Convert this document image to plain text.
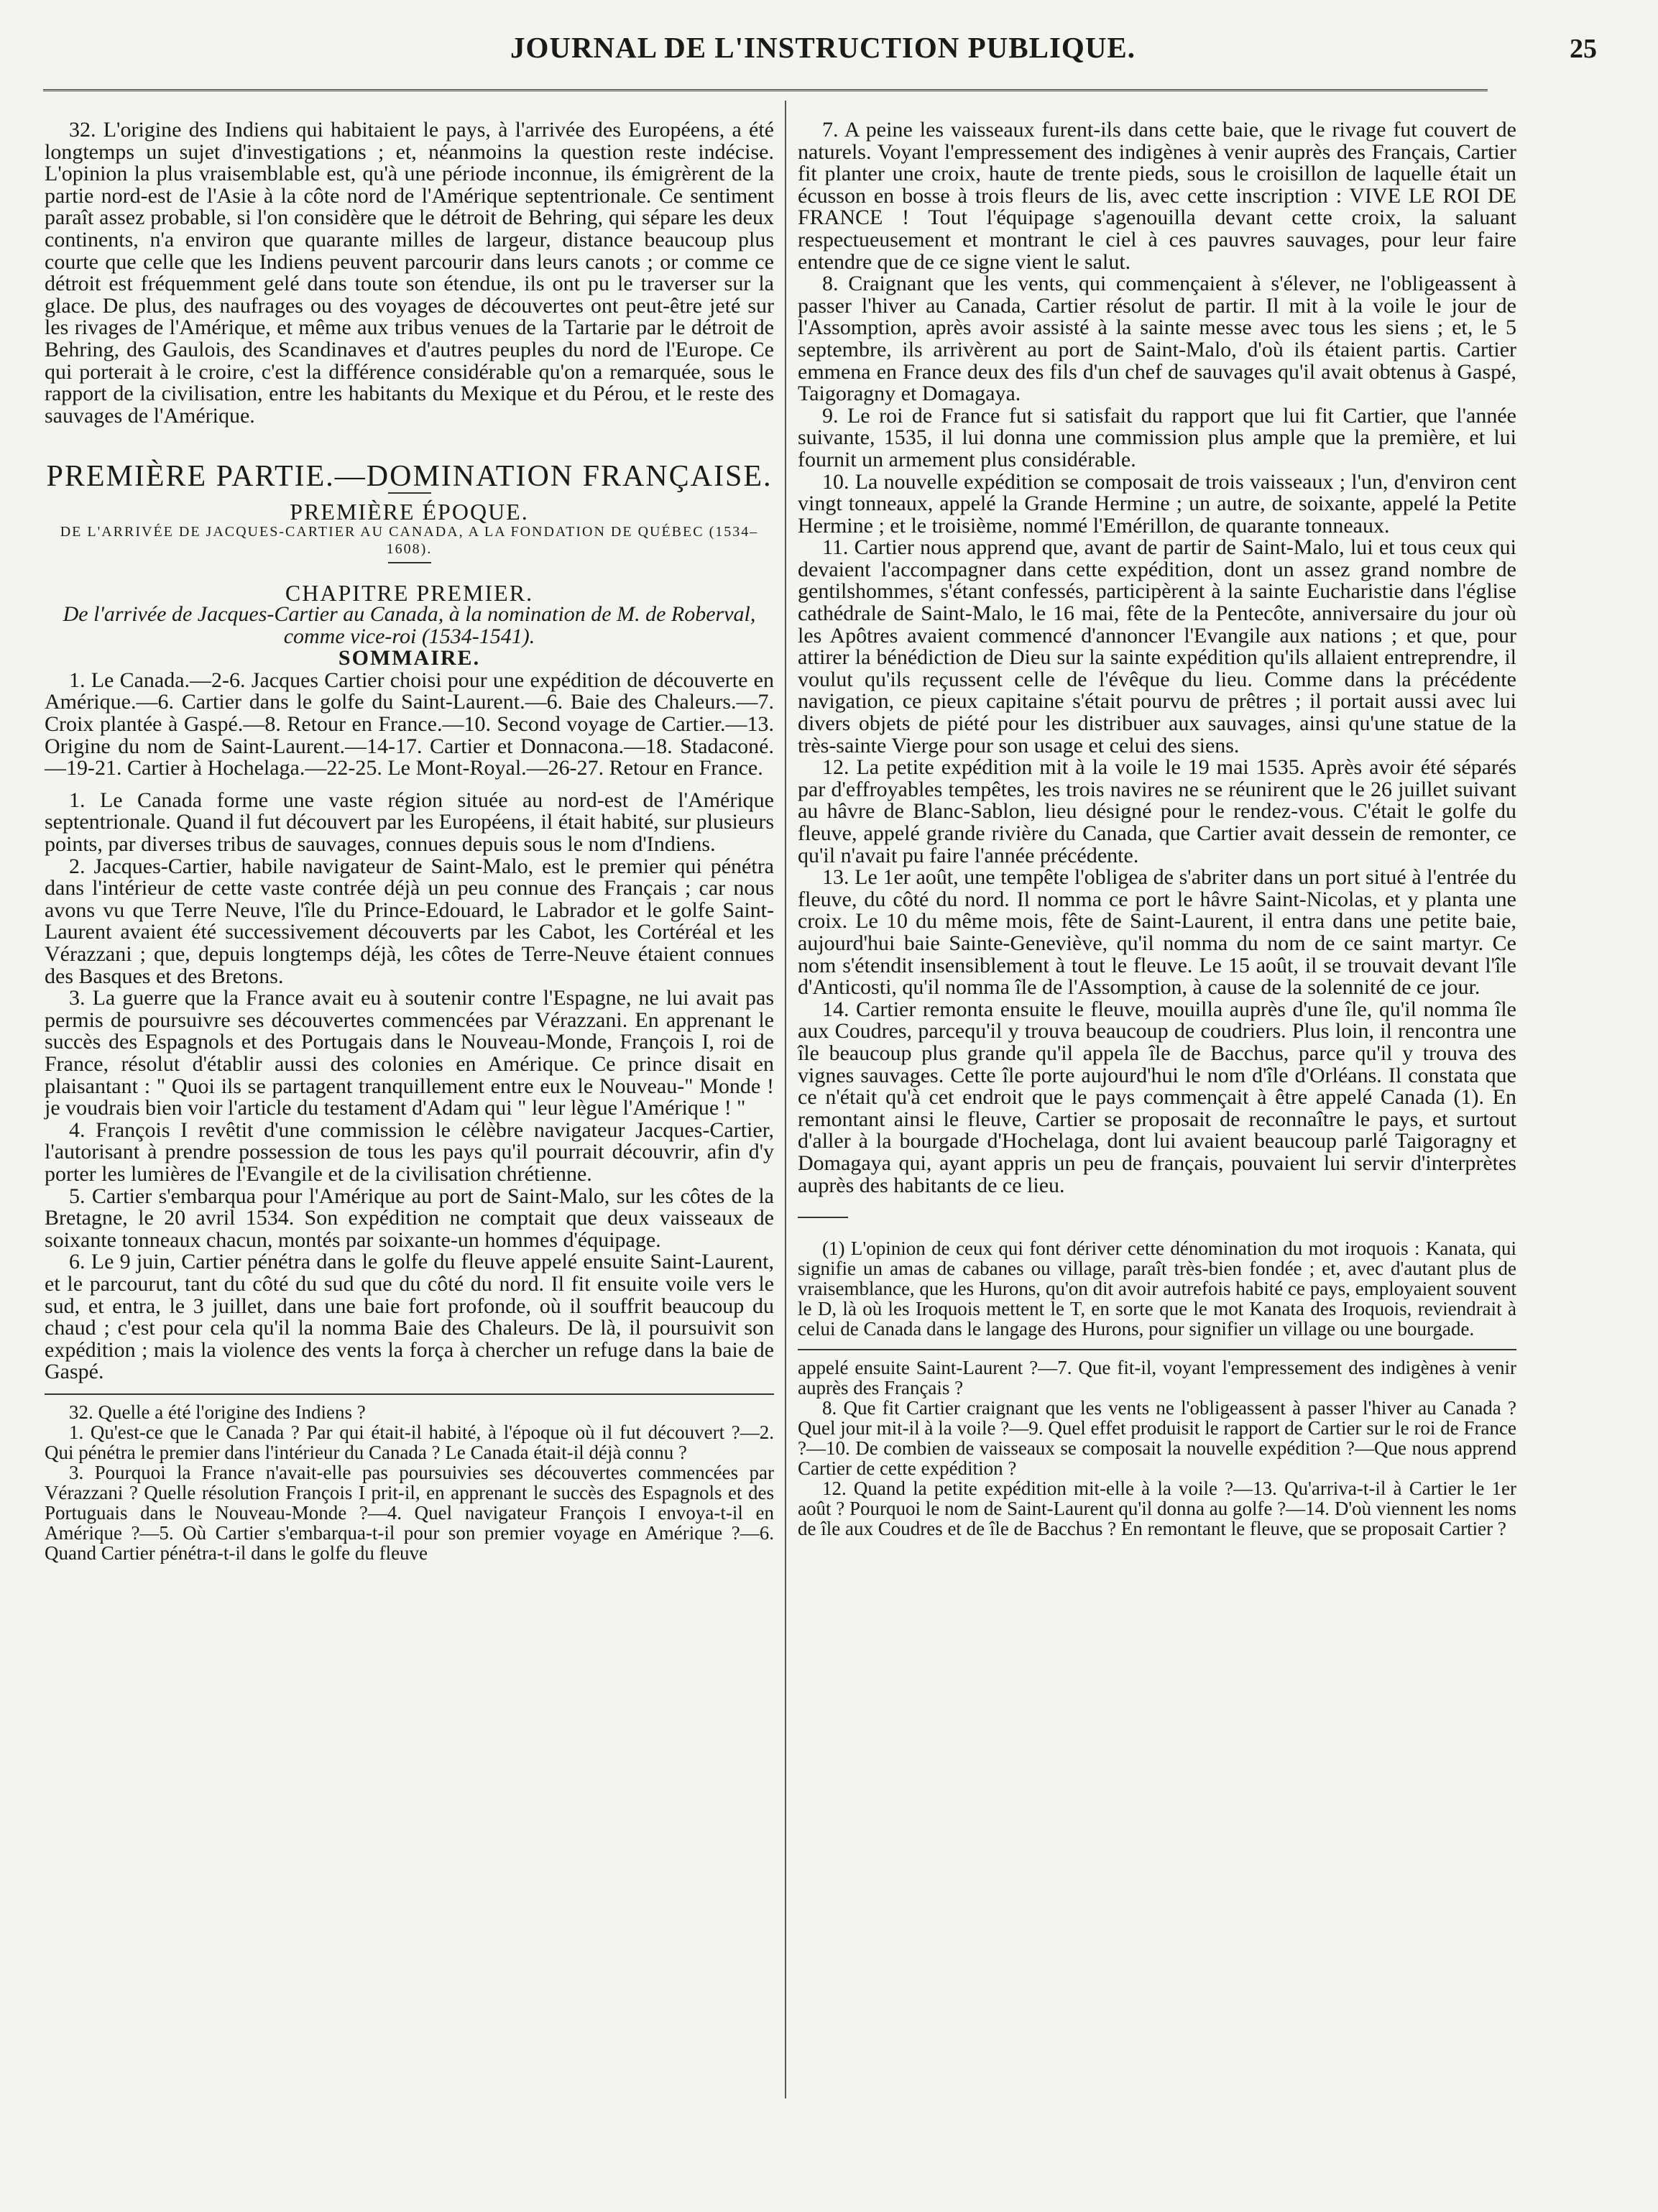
JOURNAL DE L'INSTRUCTION PUBLIQUE.	25

32. L'origine des Indiens qui habitaient le pays, à l'arrivée des Européens, a été longtemps un sujet d'investigations ; et, néanmoins la question reste indécise. L'opinion la plus vraisemblable est, qu'à une période inconnue, ils émigrèrent de la partie nord-est de l'Asie à la côte nord de l'Amérique septentrionale. Ce sentiment paraît assez probable, si l'on considère que le détroit de Behring, qui sépare les deux continents, n'a environ que quarante milles de largeur, distance beaucoup plus courte que celle que les Indiens peuvent parcourir dans leurs canots ; or comme ce détroit est fréquemment gelé dans toute son étendue, ils ont pu le traverser sur la glace. De plus, des naufrages ou des voyages de découvertes ont peut-être jeté sur les rivages de l'Amérique, et même aux tribus venues de la Tartarie par le détroit de Behring, des Gaulois, des Scandinaves et d'autres peuples du nord de l'Europe. Ce qui porterait à le croire, c'est la différence considérable qu'on a remarquée, sous le rapport de la civilisation, entre les habitants du Mexique et du Pérou, et le reste des sauvages de l'Amérique.

PREMIÈRE PARTIE.—DOMINATION FRANÇAISE.

PREMIÈRE ÉPOQUE.

DE L'ARRIVÉE DE JACQUES-CARTIER AU CANADA, A LA FONDATION DE QUÉBEC (1534–1608).

CHAPITRE PREMIER.

De l'arrivée de Jacques-Cartier au Canada, à la nomination de M. de Roberval, comme vice-roi (1534-1541).

SOMMAIRE.

1. Le Canada.—2-6. Jacques Cartier choisi pour une expédition de découverte en Amérique.—6. Cartier dans le golfe du Saint-Laurent.—6. Baie des Chaleurs.—7. Croix plantée à Gaspé.—8. Retour en France.—10. Second voyage de Cartier.—13. Origine du nom de Saint-Laurent.—14-17. Cartier et Donnacona.—18. Stadaconé.—19-21. Cartier à Hochelaga.—22-25. Le Mont-Royal.—26-27. Retour en France.

1. Le Canada forme une vaste région située au nord-est de l'Amérique septentrionale. Quand il fut découvert par les Européens, il était habité, sur plusieurs points, par diverses tribus de sauvages, connues depuis sous le nom d'Indiens.

2. Jacques-Cartier, habile navigateur de Saint-Malo, est le premier qui pénétra dans l'intérieur de cette vaste contrée déjà un peu connue des Français ; car nous avons vu que Terre Neuve, l'île du Prince-Edouard, le Labrador et le golfe Saint-Laurent avaient été successivement découverts par les Cabot, les Cortéréal et les Vérazzani ; que, depuis longtemps déjà, les côtes de Terre-Neuve étaient connues des Basques et des Bretons.

3. La guerre que la France avait eu à soutenir contre l'Espagne, ne lui avait pas permis de poursuivre ses découvertes commencées par Vérazzani. En apprenant le succès des Espagnols et des Portugais dans le Nouveau-Monde, François I, roi de France, résolut d'établir aussi des colonies en Amérique. Ce prince disait en plaisantant : " Quoi ils se partagent tranquillement entre eux le Nouveau-" Monde ! je voudrais bien voir l'article du testament d'Adam qui " leur lègue l'Amérique ! "

4. François I revêtit d'une commission le célèbre navigateur Jacques-Cartier, l'autorisant à prendre possession de tous les pays qu'il pourrait découvrir, afin d'y porter les lumières de l'Evangile et de la civilisation chrétienne.

5. Cartier s'embarqua pour l'Amérique au port de Saint-Malo, sur les côtes de la Bretagne, le 20 avril 1534. Son expédition ne comptait que deux vaisseaux de soixante tonneaux chacun, montés par soixante-un hommes d'équipage.

6. Le 9 juin, Cartier pénétra dans le golfe du fleuve appelé ensuite Saint-Laurent, et le parcourut, tant du côté du sud que du côté du nord. Il fit ensuite voile vers le sud, et entra, le 3 juillet, dans une baie fort profonde, où il souffrit beaucoup du chaud ; c'est pour cela qu'il la nomma Baie des Chaleurs. De là, il poursuivit son expédition ; mais la violence des vents la força à chercher un refuge dans la baie de Gaspé.

32. Quelle a été l'origine des Indiens ?

1. Qu'est-ce que le Canada ? Par qui était-il habité, à l'époque où il fut découvert ?—2. Qui pénétra le premier dans l'intérieur du Canada ? Le Canada était-il déjà connu ?

3. Pourquoi la France n'avait-elle pas poursuivies ses découvertes commencées par Vérazzani ? Quelle résolution François I prit-il, en apprenant le succès des Espagnols et des Portuguais dans le Nouveau-Monde ?—4. Quel navigateur François I envoya-t-il en Amérique ?—5. Où Cartier s'embarqua-t-il pour son premier voyage en Amérique ?—6. Quand Cartier pénétra-t-il dans le golfe du fleuve

7. A peine les vaisseaux furent-ils dans cette baie, que le rivage fut couvert de naturels. Voyant l'empressement des indigènes à venir auprès des Français, Cartier fit planter une croix, haute de trente pieds, sous le croisillon de laquelle était un écusson en bosse à trois fleurs de lis, avec cette inscription : VIVE LE ROI DE FRANCE ! Tout l'équipage s'agenouilla devant cette croix, la saluant respectueusement et montrant le ciel à ces pauvres sauvages, pour leur faire entendre que de ce signe vient le salut.

8. Craignant que les vents, qui commençaient à s'élever, ne l'obligeassent à passer l'hiver au Canada, Cartier résolut de partir. Il mit à la voile le jour de l'Assomption, après avoir assisté à la sainte messe avec tous les siens ; et, le 5 septembre, ils arrivèrent au port de Saint-Malo, d'où ils étaient partis. Cartier emmena en France deux des fils d'un chef de sauvages qu'il avait obtenus à Gaspé, Taigoragny et Domagaya.

9. Le roi de France fut si satisfait du rapport que lui fit Cartier, que l'année suivante, 1535, il lui donna une commission plus ample que la première, et lui fournit un armement plus considérable.

10. La nouvelle expédition se composait de trois vaisseaux ; l'un, d'environ cent vingt tonneaux, appelé la Grande Hermine ; un autre, de soixante, appelé la Petite Hermine ; et le troisième, nommé l'Emérillon, de quarante tonneaux.

11. Cartier nous apprend que, avant de partir de Saint-Malo, lui et tous ceux qui devaient l'accompagner dans cette expédition, dont un assez grand nombre de gentilshommes, s'étant confessés, participèrent à la sainte Eucharistie dans l'église cathédrale de Saint-Malo, le 16 mai, fête de la Pentecôte, anniversaire du jour où les Apôtres avaient commencé d'annoncer l'Evangile aux nations ; et que, pour attirer la bénédiction de Dieu sur la sainte expédition qu'ils allaient entreprendre, il voulut qu'ils reçussent celle de l'évêque du lieu. Comme dans la précédente navigation, ce pieux capitaine s'était pourvu de prêtres ; il portait aussi avec lui divers objets de piété pour les distribuer aux sauvages, ainsi qu'une statue de la très-sainte Vierge pour son usage et celui des siens.

12. La petite expédition mit à la voile le 19 mai 1535. Après avoir été séparés par d'effroyables tempêtes, les trois navires ne se réunirent que le 26 juillet suivant au hâvre de Blanc-Sablon, lieu désigné pour le rendez-vous. C'était le golfe du fleuve, appelé grande rivière du Canada, que Cartier avait dessein de remonter, ce qu'il n'avait pu faire l'année précédente.

13. Le 1er août, une tempête l'obligea de s'abriter dans un port situé à l'entrée du fleuve, du côté du nord. Il nomma ce port le hâvre Saint-Nicolas, et y planta une croix. Le 10 du même mois, fête de Saint-Laurent, il entra dans une petite baie, aujourd'hui baie Sainte-Geneviève, qu'il nomma du nom de ce saint martyr. Ce nom s'étendit insensiblement à tout le fleuve. Le 15 août, il se trouvait devant l'île d'Anticosti, qu'il nomma île de l'Assomption, à cause de la solennité de ce jour.

14. Cartier remonta ensuite le fleuve, mouilla auprès d'une île, qu'il nomma île aux Coudres, parcequ'il y trouva beaucoup de coudriers. Plus loin, il rencontra une île beaucoup plus grande qu'il appela île de Bacchus, parce qu'il y trouva des vignes sauvages. Cette île porte aujourd'hui le nom d'île d'Orléans. Il constata que ce n'était qu'à cet endroit que le pays commençait à être appelé Canada (1). En remontant ainsi le fleuve, Cartier se proposait de reconnaître le pays, et surtout d'aller à la bourgade d'Hochelaga, dont lui avaient beaucoup parlé Taigoragny et Domagaya qui, ayant appris un peu de français, pouvaient lui servir d'interprètes auprès des habitants de ce lieu.

(1) L'opinion de ceux qui font dériver cette dénomination du mot iroquois : Kanata, qui signifie un amas de cabanes ou village, paraît très-bien fondée ; et, avec d'autant plus de vraisemblance, que les Hurons, qu'on dit avoir autrefois habité ce pays, employaient souvent le D, là où les Iroquois mettent le T, en sorte que le mot Kanata des Iroquois, reviendrait à celui de Canada dans le langage des Hurons, pour signifier un village ou une bourgade.

appelé ensuite Saint-Laurent ?—7. Que fit-il, voyant l'empressement des indigènes à venir auprès des Français ?

8. Que fit Cartier craignant que les vents ne l'obligeassent à passer l'hiver au Canada ? Quel jour mit-il à la voile ?—9. Quel effet produisit le rapport de Cartier sur le roi de France ?—10. De combien de vaisseaux se composait la nouvelle expédition ?—Que nous apprend Cartier de cette expédition ?

12. Quand la petite expédition mit-elle à la voile ?—13. Qu'arriva-t-il à Cartier le 1er août ? Pourquoi le nom de Saint-Laurent qu'il donna au golfe ?—14. D'où viennent les noms de île aux Coudres et de île de Bacchus ? En remontant le fleuve, que se proposait Cartier ?
